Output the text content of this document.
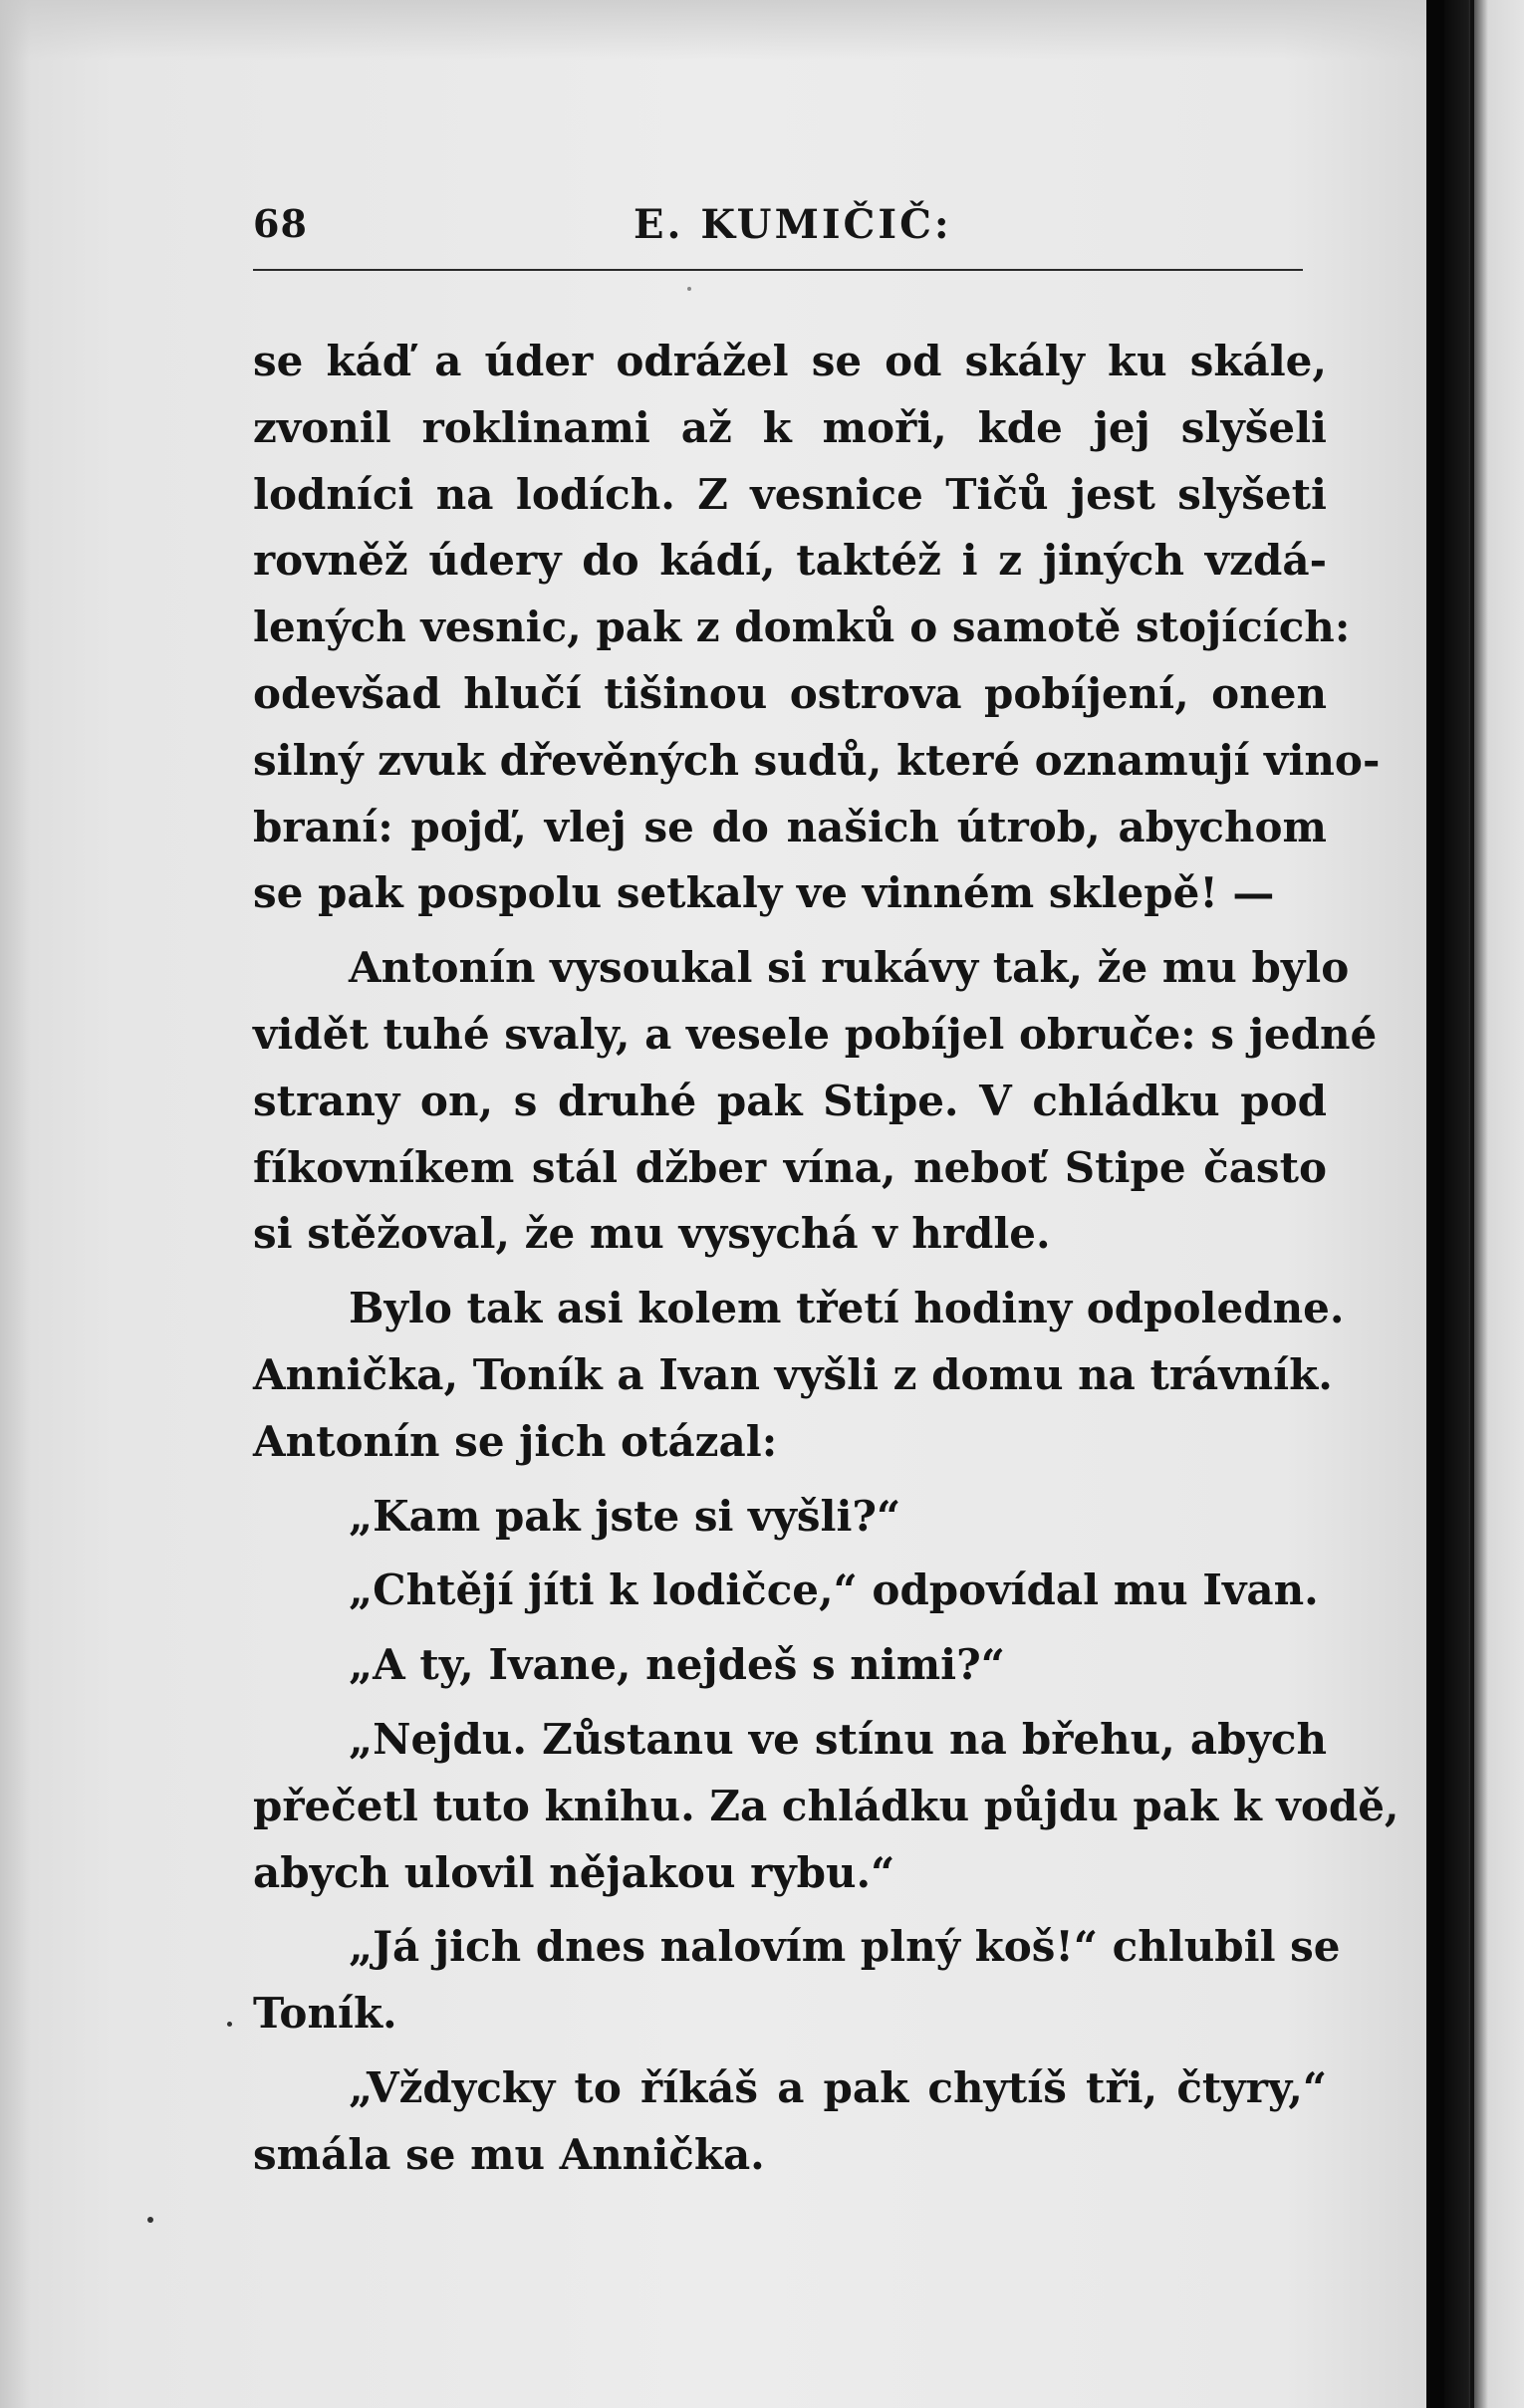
68	E. KUMIČIČ:
se káď a úder odrážel se od skály ku skále,
zvonil roklinami až k moři, kde jej slyšeli
lodníci na lodích. Z vesnice Tičů jest slyšeti
rovněž údery do kádí, taktéž i z jiných vzdá-
lených vesnic, pak z domků o samotě stojících:
odevšad hlučí tišinou ostrova pobíjení, onen
silný zvuk dřevěných sudů, které oznamují vino-
braní: pojď, vlej se do našich útrob, abychom
se pak pospolu setkaly ve vinném sklepě! —
Antonín vysoukal si rukávy tak, že mu bylo
vidět tuhé svaly, a vesele pobíjel obruče: s jedné
strany on, s druhé pak Stipe. V chládku pod
fíkovníkem stál džber vína, neboť Stipe často
si stěžoval, že mu vysychá v hrdle.
Bylo tak asi kolem třetí hodiny odpoledne.
Annička, Toník a Ivan vyšli z domu na trávník.
Antonín se jich otázal:
„Kam pak jste si vyšli?“
„Chtějí jíti k lodičce,“ odpovídal mu Ivan.
„A ty, Ivane, nejdeš s nimi?“
„Nejdu. Zůstanu ve stínu na břehu, abych
přečetl tuto knihu. Za chládku půjdu pak k vodě,
abych ulovil nějakou rybu.“
„Já jich dnes nalovím plný koš!“ chlubil se
Toník.
„Vždycky to říkáš a pak chytíš tři, čtyry,“
smála se mu Annička.
